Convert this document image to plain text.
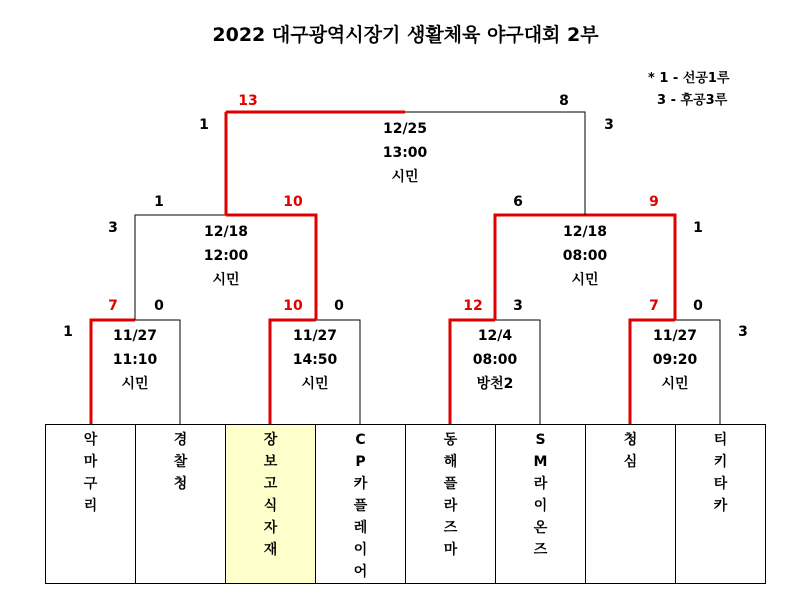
2022 대구광역시장기 생활체육 야구대회 2부
* 1 - 선공1루
3 - 후공3루
13	8
1	3
12/25
13:00
시민
1	10
3	12/18
12:00
시민
6	9
1
12/18
08:00
시민
7	0
1	11/27
11:10
시민
10 0
11/27
14:50
시민
12 3
12/4
08:00
방천2
7 0
3
11/27
09:20
시민
악
마
구
리
경
찰
청
장
보
고
식
자
재
C
P
카
플
레
이
어
동
해
플
라
즈
마
S
M
라
이
온
즈
청
심
티
키
타
카
